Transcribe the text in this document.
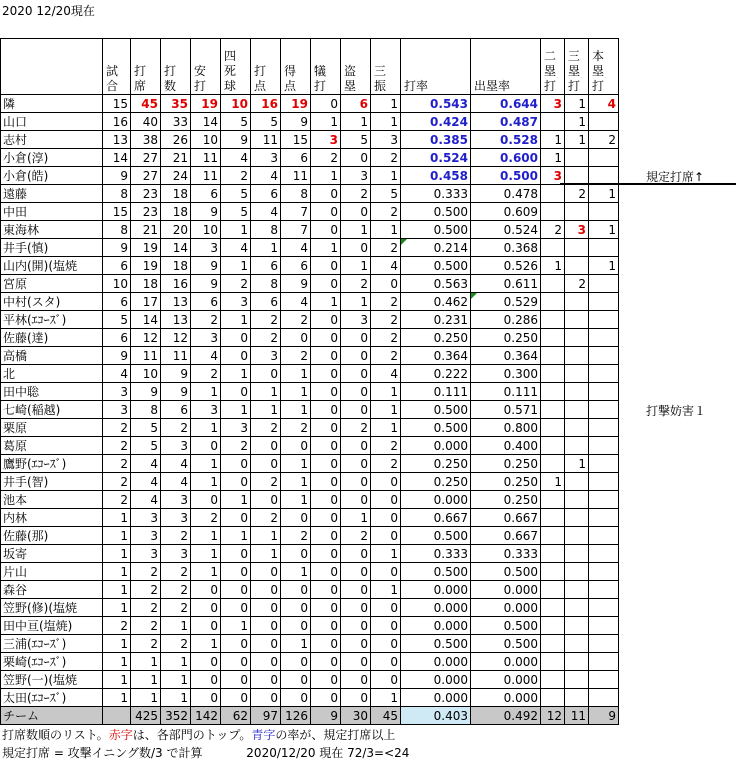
2020 12/20現在
	試合	打席	打数	安打	四死球	打点	得点	犠打	盗塁	三振	打率	出塁率	二塁打	三塁打	本塁打
隣	15	45	35	19	10	16	19	0	6	1	0.543	0.644	3	1	4
山口	16	40	33	14	5	5	9	1	1	1	0.424	0.487		1	
志村	13	38	26	10	9	11	15	3	5	3	0.385	0.528	1	1	2
小倉(淳)	14	27	21	11	4	3	6	2	0	2	0.524	0.600	1		
小倉(皓)	9	27	24	11	2	4	11	1	3	1	0.458	0.500	3		
遠藤	8	23	18	6	5	6	8	0	2	5	0.333	0.478		2	1
中田	15	23	18	9	5	4	7	0	0	2	0.500	0.609			
東海林	8	21	20	10	1	8	7	0	1	1	0.500	0.524	2	3	1
井手(慎)	9	19	14	3	4	1	4	1	0	2	0.214	0.368			
山内(開)(塩焼	6	19	18	9	1	6	6	0	1	4	0.500	0.526	1		1
宮原	10	18	16	9	2	8	9	0	2	0	0.563	0.611		2	
中村(スタ)	6	17	13	6	3	6	4	1	1	2	0.462	0.529			
平林(ｴｺｰｽﾞ)	5	14	13	2	1	2	2	0	3	2	0.231	0.286			
佐藤(達)	6	12	12	3	0	2	0	0	0	2	0.250	0.250			
高橋	9	11	11	4	0	3	2	0	0	2	0.364	0.364			
北	4	10	9	2	1	0	1	0	0	4	0.222	0.300			
田中聡	3	9	9	1	0	1	1	0	0	1	0.111	0.111			
七崎(稲越)	3	8	6	3	1	1	1	0	0	1	0.500	0.571			
栗原	2	5	2	1	3	2	2	0	2	1	0.500	0.800			
葛原	2	5	3	0	2	0	0	0	0	2	0.000	0.400			
鷹野(ｴｺｰｽﾞ)	2	4	4	1	0	0	1	0	0	2	0.250	0.250		1	
井手(智)	2	4	4	1	0	2	1	0	0	0	0.250	0.250	1		
池本	2	4	3	0	1	0	1	0	0	0	0.000	0.250			
内林	1	3	3	2	0	2	0	0	1	0	0.667	0.667			
佐藤(那)	1	3	2	1	1	1	2	0	2	0	0.500	0.667			
坂寄	1	3	3	1	0	1	0	0	0	1	0.333	0.333			
片山	1	2	2	1	0	0	1	0	0	0	0.500	0.500			
森谷	1	2	2	0	0	0	0	0	0	1	0.000	0.000			
笠野(修)(塩焼	1	2	2	0	0	0	0	0	0	0	0.000	0.000			
田中亘(塩焼)	2	2	1	0	1	0	0	0	0	0	0.000	0.500			
三浦(ｴｺｰｽﾞ)	1	2	2	1	0	0	1	0	0	0	0.500	0.500			
栗崎(ｴｺｰｽﾞ)	1	1	1	0	0	0	0	0	0	0	0.000	0.000			
笠野(一)(塩焼	1	1	1	0	0	0	0	0	0	0	0.000	0.000			
太田(ｴｺｰｽﾞ)	1	1	1	0	0	0	0	0	0	1	0.000	0.000			
チーム		425	352	142	62	97	126	9	30	45	0.403	0.492	12	11	9
規定打席↑
打撃妨害１
打席数順のリスト。赤字は、各部門のトップ。青字の率が、規定打席以上
規定打席 = 攻撃イニング数/3 で計算	2020/12/20 現在 72/3=<24
